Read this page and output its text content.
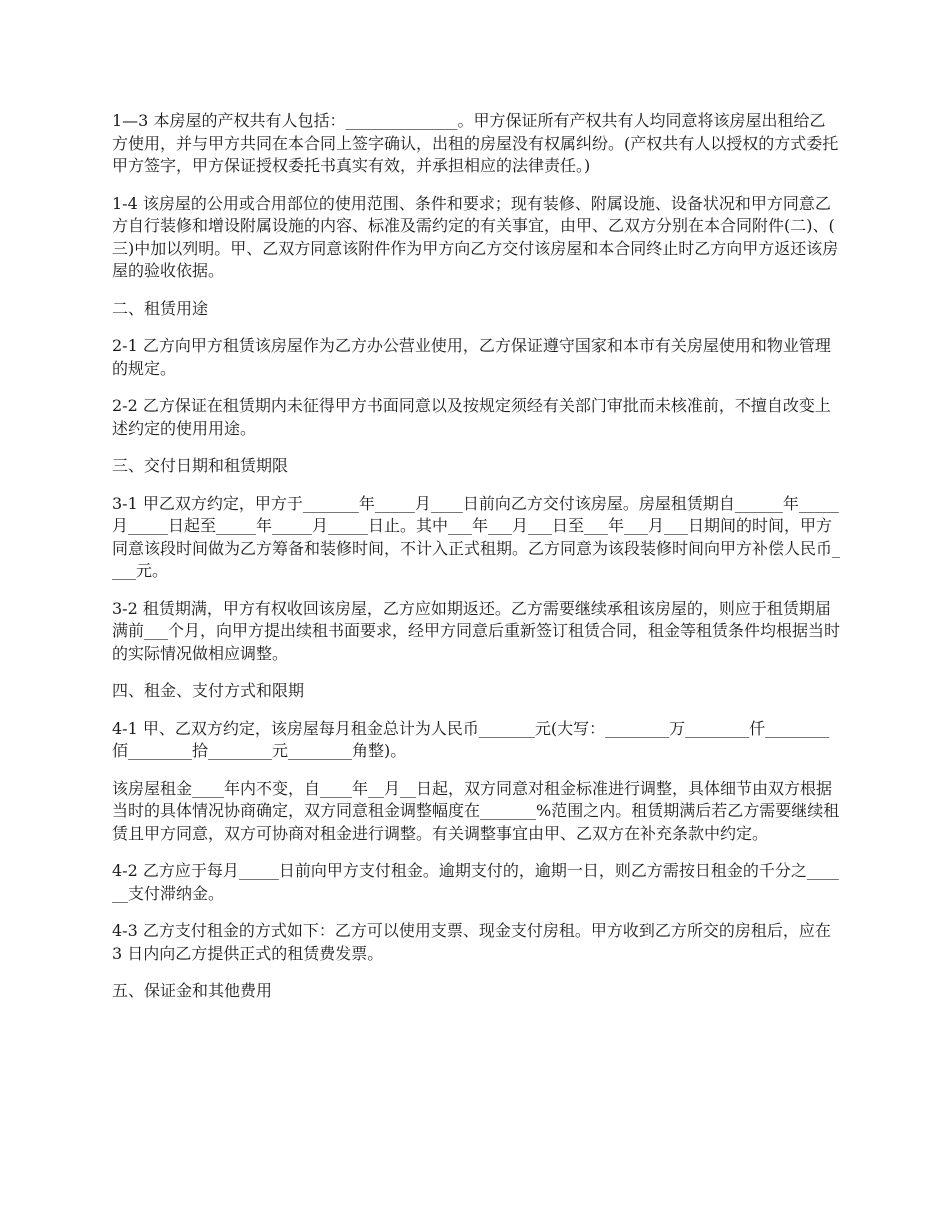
1—3 本房屋的产权共有人包括：______________。甲方保证所有产权共有人均同意将该房屋出租给乙方使用，并与甲方共同在本合同上签字确认，出租的房屋没有权属纠纷。(产权共有人以授权的方式委托甲方签字，甲方保证授权委托书真实有效，并承担相应的法律责任。)

1-4 该房屋的公用或合用部位的使用范围、条件和要求；现有装修、附属设施、设备状况和甲方同意乙方自行装修和增设附属设施的内容、标准及需约定的有关事宜，由甲、乙双方分别在本合同附件(二)、(三)中加以列明。甲、乙双方同意该附件作为甲方向乙方交付该房屋和本合同终止时乙方向甲方返还该房屋的验收依据。

二、租赁用途

2-1 乙方向甲方租赁该房屋作为乙方办公营业使用，乙方保证遵守国家和本市有关房屋使用和物业管理的规定。

2-2 乙方保证在租赁期内未征得甲方书面同意以及按规定须经有关部门审批而未核准前，不擅自改变上述约定的使用用途。

三、交付日期和租赁期限

3-1 甲乙双方约定，甲方于_______年_____月____日前向乙方交付该房屋。房屋租赁期自______年_____月_____日起至_____年_____月_____日止。其中___年___月___日至___年___月___日期间的时间，甲方同意该段时间做为乙方筹备和装修时间，不计入正式租期。乙方同意为该段装修时间向甲方补偿人民币____元。

3-2 租赁期满，甲方有权收回该房屋，乙方应如期返还。乙方需要继续承租该房屋的，则应于租赁期届满前___个月，向甲方提出续租书面要求，经甲方同意后重新签订租赁合同，租金等租赁条件均根据当时的实际情况做相应调整。

四、租金、支付方式和限期

4-1 甲、乙双方约定，该房屋每月租金总计为人民币_______元(大写：________万________仟________佰________拾________元________角整)。

该房屋租金____年内不变，自____年__月__日起，双方同意对租金标准进行调整，具体细节由双方根据当时的具体情况协商确定，双方同意租金调整幅度在_______%范围之内。租赁期满后若乙方需要继续租赁且甲方同意，双方可协商对租金进行调整。有关调整事宜由甲、乙双方在补充条款中约定。

4-2 乙方应于每月_____日前向甲方支付租金。逾期支付的，逾期一日，则乙方需按日租金的千分之______支付滞纳金。

4-3 乙方支付租金的方式如下：乙方可以使用支票、现金支付房租。甲方收到乙方所交的房租后，应在 3 日内向乙方提供正式的租赁费发票。

五、保证金和其他费用
